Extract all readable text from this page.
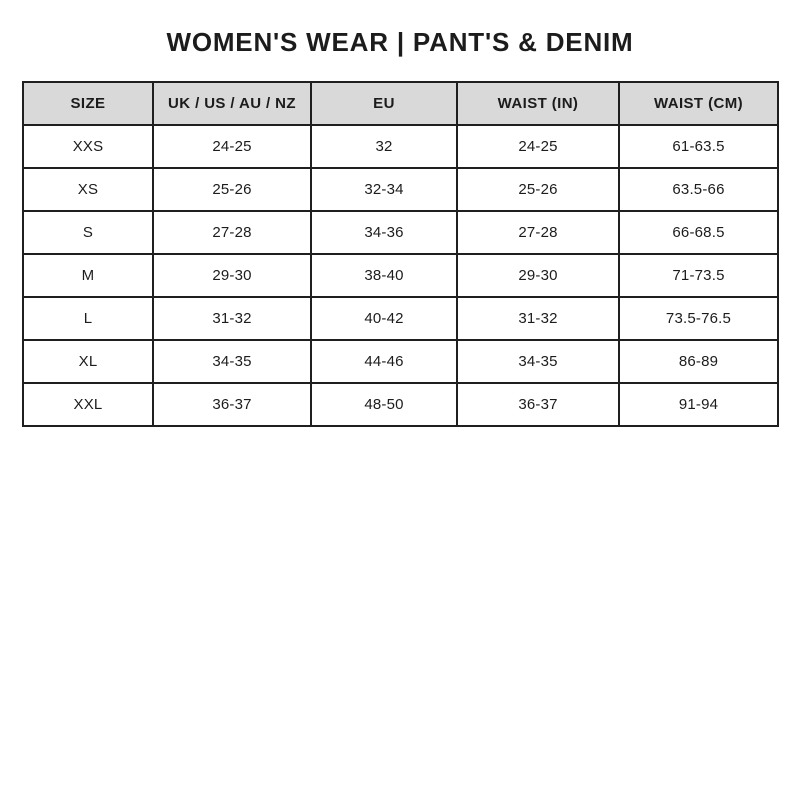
WOMEN'S WEAR | PANT'S & DENIM
SIZE	UK / US / AU / NZ	EU	WAIST (IN)	WAIST (CM)
XXS	24-25	32	24-25	61-63.5
XS	25-26	32-34	25-26	63.5-66
S	27-28	34-36	27-28	66-68.5
M	29-30	38-40	29-30	71-73.5
L	31-32	40-42	31-32	73.5-76.5
XL	34-35	44-46	34-35	86-89
XXL	36-37	48-50	36-37	91-94
